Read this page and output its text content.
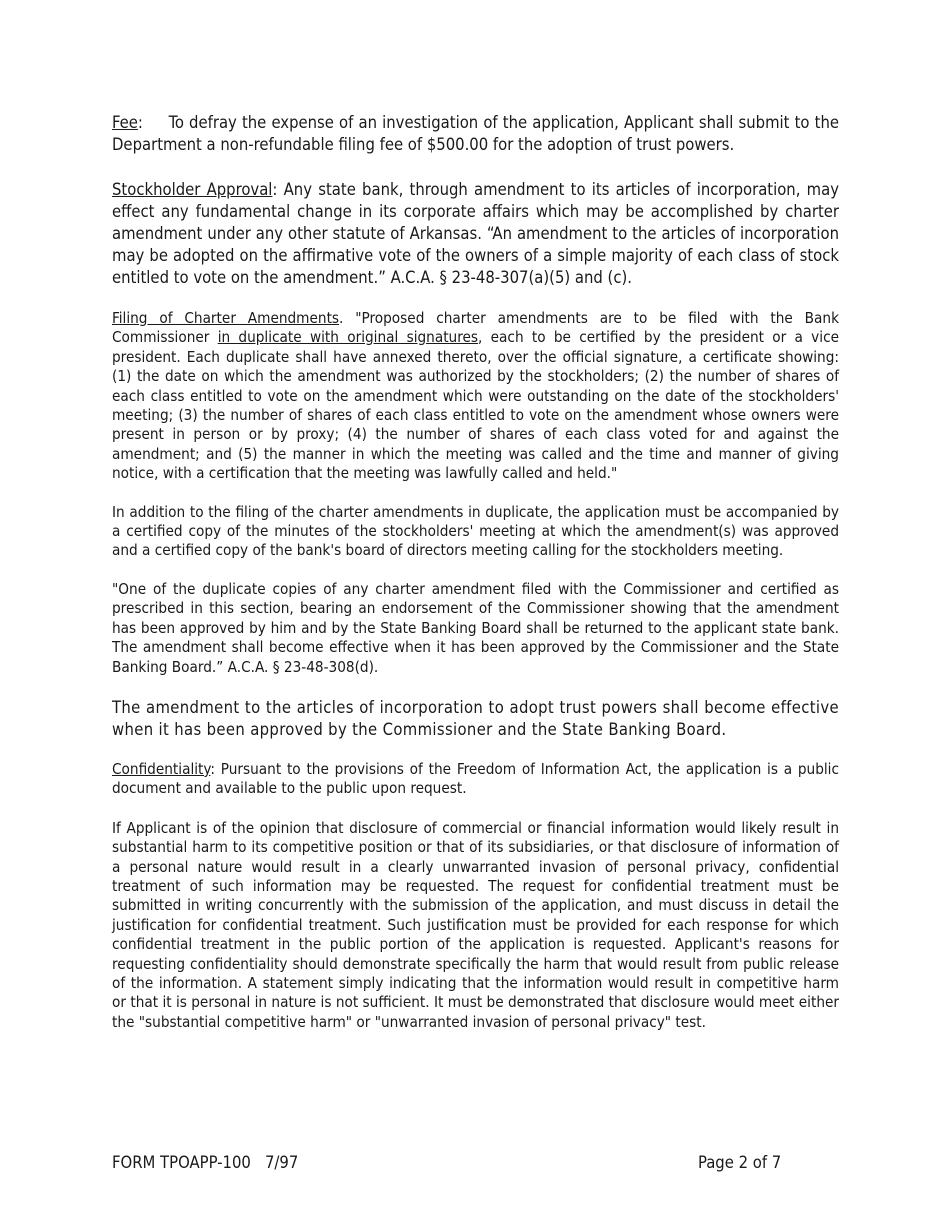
Fee:     To defray the expense of an investigation of the application, Applicant shall submit to the Department a non-refundable filing fee of $500.00 for the adoption of trust powers.

Stockholder Approval: Any state bank, through amendment to its articles of incorporation, may effect any fundamental change in its corporate affairs which may be accomplished by charter amendment under any other statute of Arkansas. “An amendment to the articles of incorporation may be adopted on the affirmative vote of the owners of a simple majority of each class of stock entitled to vote on the amendment.” A.C.A. § 23-48-307(a)(5) and (c).

Filing of Charter Amendments. "Proposed charter amendments are to be filed with the Bank Commissioner in duplicate with original signatures, each to be certified by the president or a vice president. Each duplicate shall have annexed thereto, over the official signature, a certificate showing: (1) the date on which the amendment was authorized by the stockholders; (2) the number of shares of each class entitled to vote on the amendment which were outstanding on the date of the stockholders' meeting; (3) the number of shares of each class entitled to vote on the amendment whose owners were present in person or by proxy; (4) the number of shares of each class voted for and against the amendment; and (5) the manner in which the meeting was called and the time and manner of giving notice, with a certification that the meeting was lawfully called and held."

In addition to the filing of the charter amendments in duplicate, the application must be accompanied by a certified copy of the minutes of the stockholders' meeting at which the amendment(s) was approved and a certified copy of the bank's board of directors meeting calling for the stockholders meeting.

"One of the duplicate copies of any charter amendment filed with the Commissioner and certified as prescribed in this section, bearing an endorsement of the Commissioner showing that the amendment has been approved by him and by the State Banking Board shall be returned to the applicant state bank. The amendment shall become effective when it has been approved by the Commissioner and the State Banking Board.” A.C.A. § 23-48-308(d).

The amendment to the articles of incorporation to adopt trust powers shall become effective when it has been approved by the Commissioner and the State Banking Board.

Confidentiality: Pursuant to the provisions of the Freedom of Information Act, the application is a public document and available to the public upon request.

If Applicant is of the opinion that disclosure of commercial or financial information would likely result in substantial harm to its competitive position or that of its subsidiaries, or that disclosure of information of a personal nature would result in a clearly unwarranted invasion of personal privacy, confidential treatment of such information may be requested. The request for confidential treatment must be submitted in writing concurrently with the submission of the application, and must discuss in detail the justification for confidential treatment. Such justification must be provided for each response for which confidential treatment in the public portion of the application is requested. Applicant's reasons for requesting confidentiality should demonstrate specifically the harm that would result from public release of the information. A statement simply indicating that the information would result in competitive harm or that it is personal in nature is not sufficient. It must be demonstrated that disclosure would meet either the "substantial competitive harm" or "unwarranted invasion of personal privacy" test.

FORM TPOAPP-100   7/97	Page 2 of 7
